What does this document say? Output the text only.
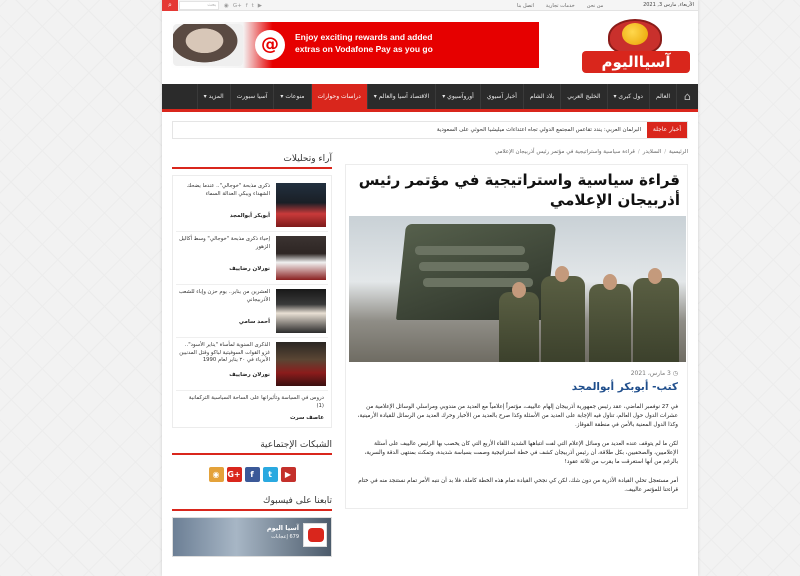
⌕	بحث	◉ G+ f t ▶	اتصل بنا خدمات تجارية من نحن	الأربعاء, مارس 3, 2021
@	Enjoy exciting rewards and added
extras on Vodafone Pay as you go
آسيااليوم
⌂
العالم
دول كبرى ▾
الخليج العربي
بلاد الشام
أخبار آسيوي
أوروآسيوي ▾
الاقتصاد آسيا والعالم ▾
دراسات وحوارات
منوعات ▾
آسيا سبورت
المزيد ▾
أخبار عاجلة
البرلمان العربي: يندد تقاعس المجتمع الدولي تجاه اعتداءات ميليشيا الحوثي على السعودية
آراء وتحليلات
ذكرى مذبحة "خوجالي".. عندما يضحك الشهداء ويبكي العدالة السماء
أبوبكر أبوالمجد
إحياء ذكرى مذبحة "خوجالي" وسط أكاليل الزهور
نورلان رضاييف
العشرين من يناير.. يوم حزن وإباء للشعب الأذربيجاني
أحمد سامي
الذكرى السنوية لمأساة "يناير الأسود".. غزو القوات السوفيتية لباكو وقتل المدنيين الأبرياء في ٢٠ يناير لعام 1990
نورلان رضاييف
دروس في السياسة وتأثيرانها على الساحة السياسية التركمانية (1)
عاصف سرت
الشبكات الإجتماعية
◉ G+	f	t	▶
تابعنا على فيسبوك
آسيا اليوم
679 إعجابات
الرئيسية/السلايدر/قراءة سياسية واستراتيجية في مؤتمر رئيس أذربيجان الإعلامي
قراءة سياسية واستراتيجية في مؤتمر رئيس أذربيجان الإعلامي
◷ 3 مارس، 2021
كتب- أبوبكر أبوالمجد
في 27 نوفمبر الماضي، عقد رئيس جمهورية أذربيجان إلهام عالييف، مؤتمراً إعلامياً مع العديد من مندوبي ومراسلي الوسائل الإعلامية من عشرات الدول حول العالم، تناول فيه الإجابة على العديد من الأسئلة وكذا صرح بالعديد من الأخبار وحرك العديد من الرسائل للقيادة الأرمينية، وكذا الدول المعنية بالأمن في منطقة القوقاز.
لكن ما لم يتوقف عنده العديد من وسائل الإعلام التي لفت انتباهها الشديد اللقاء الأربع التي كان يخصب بها الرئيس عالييف على أسئلة الإعلاميين، والصحفيين، بكل طلاقة، أن رئيس أذربيجان كشف في خطة استراتيجية وصمت بسياسة شديدة، وتمكث بمنتهى الدقة والسرية، بالرغم من أنها استغرقت ما يقرب من ثلاثة عقود!
أمر مستعجل تحلي القيادة الأذرية من دون شك، لكن كي نجحي القيادة تمام هذه الخطة كاملة، فلا بد أن ننبه الأمر تمام نستنجد منه في ختام قراءتنا للمؤتمر عالييف.
